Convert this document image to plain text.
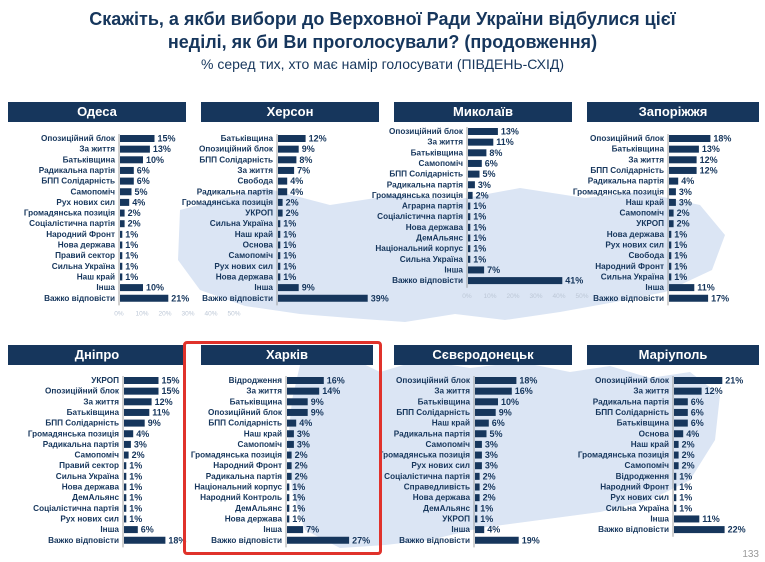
Скажіть, а якби вибори до Верховної Ради України відбулися цієї
неділі, як би Ви проголосували? (продовження)
% серед тих, хто має намір голосувати (ПІВДЕНЬ-СХІД)
Одеса	Херсон	Миколаїв	Запоріжжя
Дніпро	Харків	Сєвєродонецьк	Маріуполь
Опозиційний блок	15%
За життя	13%
Батьківщина	10%
Радикальна партія 6%
БПП Солідарність 6%
Самопоміч 5%
Рух нових сил 4%
Громадянська позиція 2%
Соціалістична партія 2%
Народний Фронт 1%
Нова держава 1%
Правий сектор 1%
Сильна Україна 1%
Наш край 1%
Інша	10%
Важко відповісти	21%
0% 10% 20% 30% 40% 50%
Батьківщина	12%
Опозиційний блок	9%
БПП Солідарність	8%
За життя	7%
Свобода 4%
Радикальна партія 4%
Громадянська позиція 2%
УКРОП 2%
Сильна Україна 1%
Наш край 1%
Основа 1%
Самопоміч 1%
Рух нових сил 1%
Нова держава 1%
Інша	9%
Важко відповісти	39%
Опозиційний блок	13%
За життя	11%
Батьківщина	8%
Самопоміч 6%
БПП Солідарність 5%
Радикальна партія 3%
Громадянська позиція 2%
Аграрна партія 1%
Соціалістична партія 1%
Нова держава 1%
ДемАльянс 1%
Національний корпус 1%
Сильна Україна 1%
Інша	7%
Важко відповісти	41%
0% 10% 20% 30% 40% 50%
Опозиційний блок	18%
Батьківщина	13%
За життя	12%
БПП Солідарність	12%
Радикальна партія 4%
Громадянська позиція 3%
Наш край 3%
Самопоміч 2%
УКРОП 2%
Нова держава 1%
Рух нових сил 1%
Свобода 1%
Народний Фронт 1%
Сильна Україна 1%
Інша	11%
Важко відповісти	17%
УКРОП	15%
Опозиційний блок	15%
За життя	12%
Батьківщина	11%
БПП Солідарність	9%
Громадянська позиція 4%
Радикальна партія 3%
Самопоміч 2%
Правий сектор 1%
Сильна Україна 1%
Нова держава 1%
ДемАльянс 1%
Соціалістична партія 1%
Рух нових сил 1%
Інша 6%
Важко відповісти	18%
Відродження	16%
За життя	14%
Батьківщина	9%
Опозиційний блок	9%
БПП Солідарність 4%
Наш край 3%
Самопоміч 3%
Громадянська позиція 2%
Народний Фронт 2%
Радикальна партія 2%
Національний корпус 1%
Народний Контроль 1%
ДемАльянс 1%
Нова держава 1%
Інша	7%
Важко відповісти	27%
Опозиційний блок	18%
За життя	16%
Батьківщина	10%
БПП Солідарність	9%
Наш край 6%
Радикальна партія 5%
Самопоміч 3%
Громадянська позиція 3%
Рух нових сил 3%
Соціалістична партія 2%
Справедливість 2%
Нова держава 2%
ДемАльянс 1%
УКРОП 1%
Інша 4%
Важко відповісти	19%
Опозиційний блок	21%
За життя	12%
Радикальна партія 6%
БПП Солідарність 6%
Батьківщина 6%
Основа 4%
Наш край 2%
Громадянська позиція 2%
Самопоміч 2%
Відродження 1%
Народний Фронт 1%
Рух нових сил 1%
Сильна Україна 1%
Інша	11%
Важко відповісти	22%
133
